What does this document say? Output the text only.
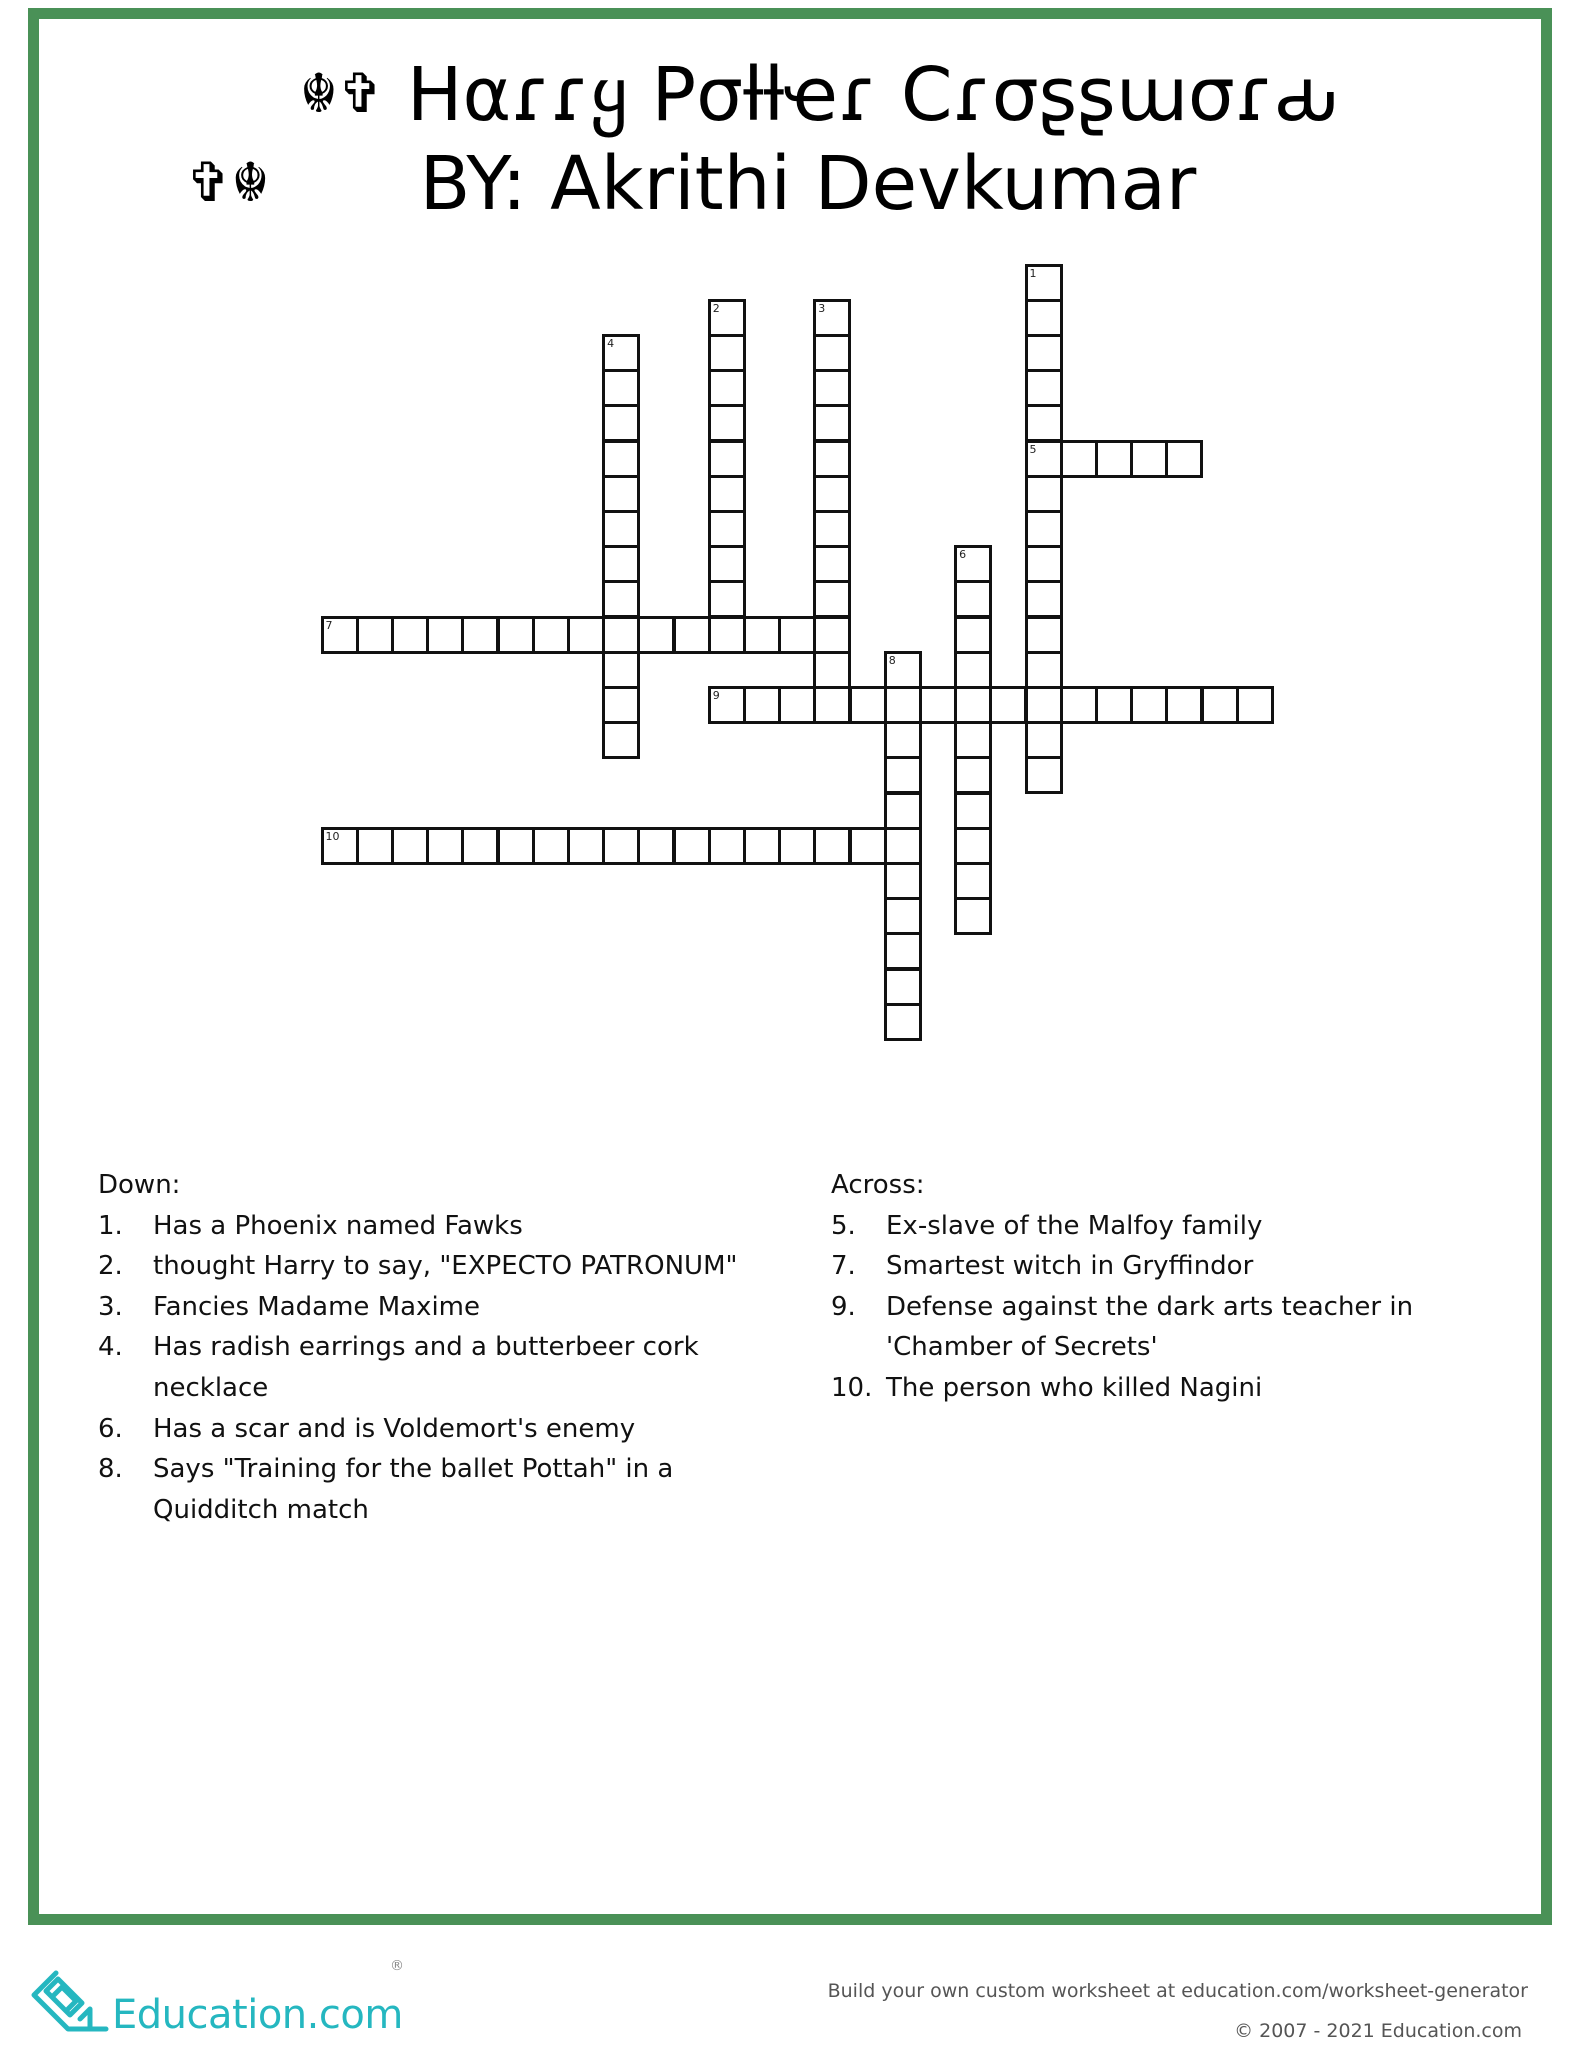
☬✞ Hαɾɾყ Pσƚƚҽɾ Cɾσʂʂɯσɾԃ
✞☬ BY: Akrithi Devkumar
1
5
2	3
4
6
7
8
9
10
Down:
1.	Has a Phoenix named Fawks
2.	thought Harry to say, "EXPECTO PATRONUM"
3.	Fancies Madame Maxime
4.	Has radish earrings and a butterbeer cork necklace
6.	Has a scar and is Voldemort's enemy
8.	Says "Training for the ballet Pottah" in a Quidditch match
Across:
5.	Ex-slave of the Malfoy family
7.	Smartest witch in Gryffindor
9.	Defense against the dark arts teacher in 'Chamber of Secrets'
10. The person who killed Nagini
Education.com
®
Build your own custom worksheet at education.com/worksheet-generator
© 2007 - 2021 Education.com
